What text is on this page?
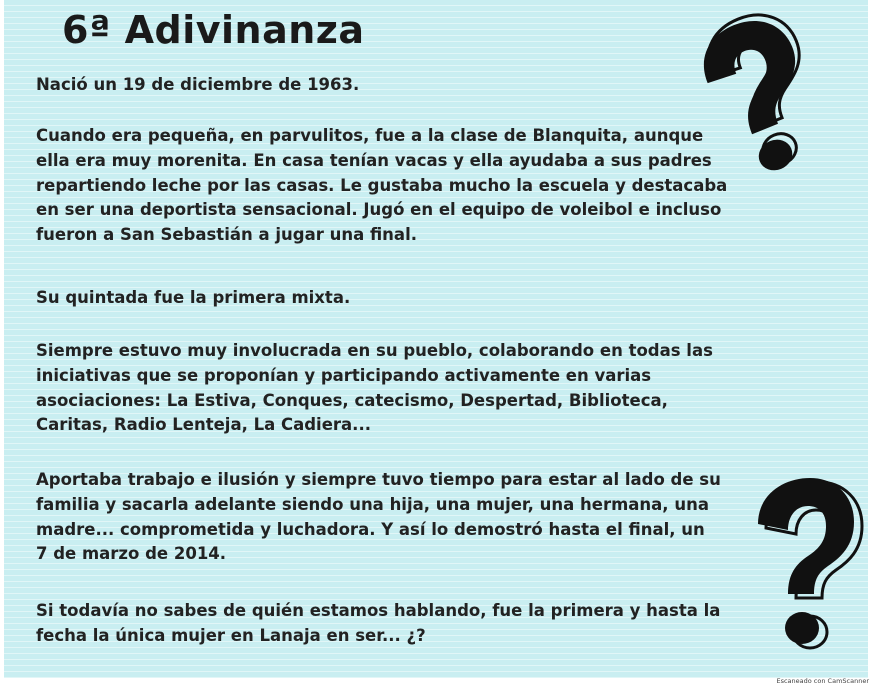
6ª Adivinanza

Nació un 19 de diciembre de 1963.

Cuando era pequeña, en parvulitos, fue a la clase de Blanquita, aunque
ella era muy morenita. En casa tenían vacas y ella ayudaba a sus padres
repartiendo leche por las casas. Le gustaba mucho la escuela y destacaba
en ser una deportista sensacional. Jugó en el equipo de voleibol e incluso
fueron a San Sebastián a jugar una final.

Su quintada fue la primera mixta.

Siempre estuvo muy involucrada en su pueblo, colaborando en todas las
iniciativas que se proponían y participando activamente en varias
asociaciones: La Estiva, Conques, catecismo, Despertad, Biblioteca,
Caritas, Radio Lenteja, La Cadiera...

Aportaba trabajo e ilusión y siempre tuvo tiempo para estar al lado de su
familia y sacarla adelante siendo una hija, una mujer, una hermana, una
madre... comprometida y luchadora. Y así lo demostró hasta el final, un
7 de marzo de 2014.

Si todavía no sabes de quién estamos hablando, fue la primera y hasta la
fecha la única mujer en Lanaja en ser... ¿?

Escaneado con CamScanner
